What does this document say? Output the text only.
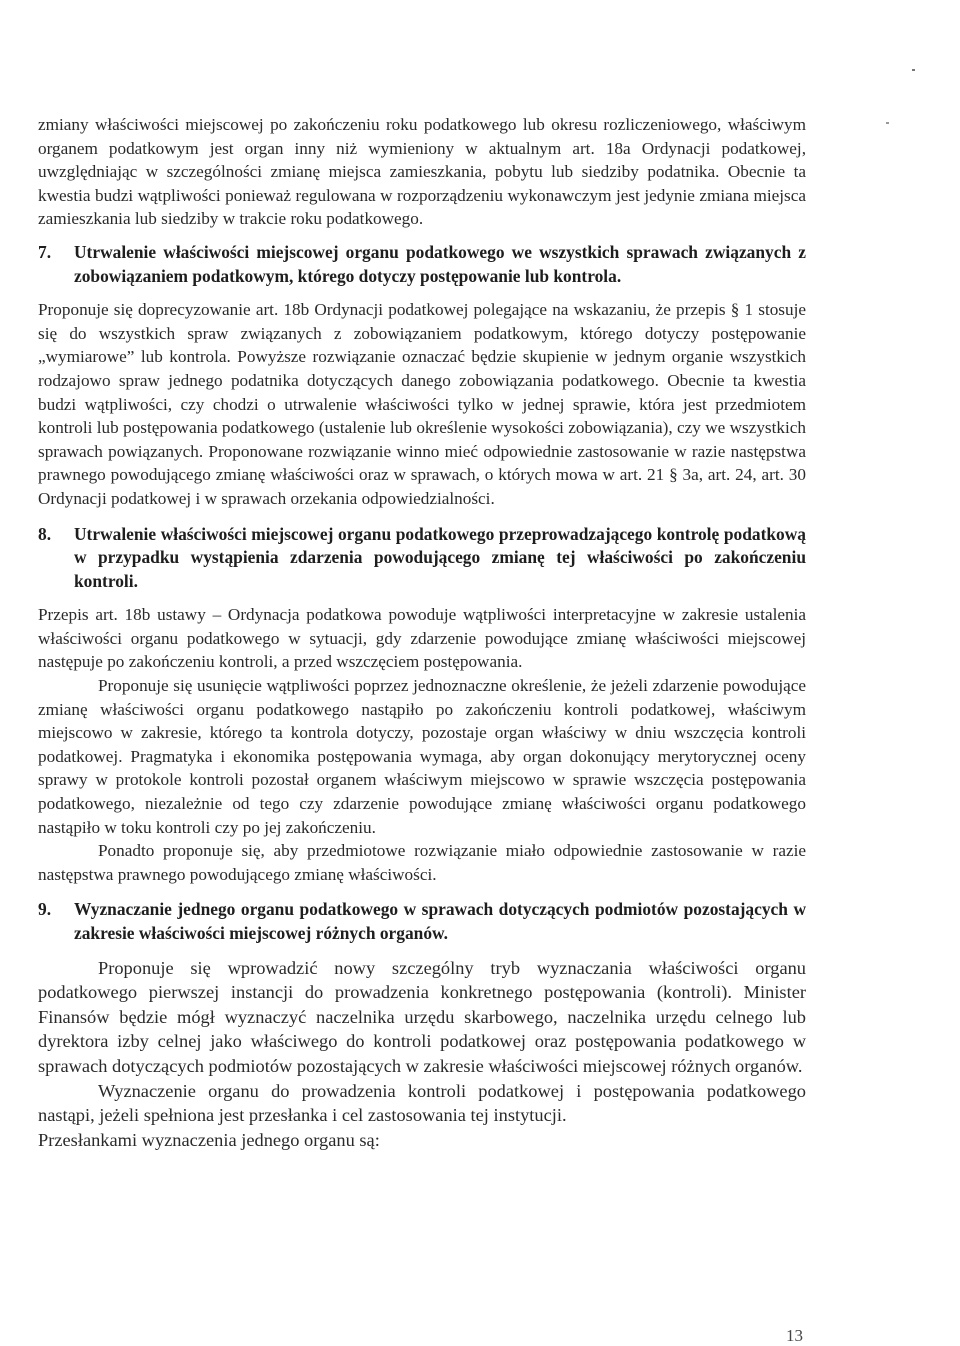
zmiany właściwości miejscowej po zakończeniu roku podatkowego lub okresu rozliczeniowego, właściwym organem podatkowym jest organ inny niż wymieniony w aktualnym art. 18a Ordynacji podatkowej, uwzględniając w szczególności zmianę miejsca zamieszkania, pobytu lub siedziby podatnika. Obecnie ta kwestia budzi wątpliwości ponieważ regulowana w rozporządzeniu wykonawczym jest jedynie zmiana miejsca zamieszkania lub siedziby w trakcie roku podatkowego.

7.	Utrwalenie właściwości miejscowej organu podatkowego we wszystkich sprawach związanych z zobowiązaniem podatkowym, którego dotyczy postępowanie lub kontrola.

Proponuje się doprecyzowanie art. 18b Ordynacji podatkowej polegające na wskazaniu, że przepis § 1 stosuje się do wszystkich spraw związanych z zobowiązaniem podatkowym, którego dotyczy postępowanie „wymiarowe” lub kontrola. Powyższe rozwiązanie oznaczać będzie skupienie w jednym organie wszystkich rodzajowo spraw jednego podatnika dotyczących danego zobowiązania podatkowego. Obecnie ta kwestia budzi wątpliwości, czy chodzi o utrwalenie właściwości tylko w jednej sprawie, która jest przedmiotem kontroli lub postępowania podatkowego (ustalenie lub określenie wysokości zobowiązania), czy we wszystkich sprawach powiązanych. Proponowane rozwiązanie winno mieć odpowiednie zastosowanie w razie następstwa prawnego powodującego zmianę właściwości oraz w sprawach, o których mowa w art. 21 § 3a, art. 24, art. 30 Ordynacji podatkowej i w sprawach orzekania odpowiedzialności.

8.	Utrwalenie właściwości miejscowej organu podatkowego przeprowadzającego kontrolę podatkową w przypadku wystąpienia zdarzenia powodującego zmianę tej właściwości po zakończeniu kontroli.

Przepis art. 18b ustawy – Ordynacja podatkowa powoduje wątpliwości interpretacyjne w zakresie ustalenia właściwości organu podatkowego w sytuacji, gdy zdarzenie powodujące zmianę właściwości miejscowej następuje po zakończeniu kontroli, a przed wszczęciem postępowania.

Proponuje się usunięcie wątpliwości poprzez jednoznaczne określenie, że jeżeli zdarzenie powodujące zmianę właściwości organu podatkowego nastąpiło po zakończeniu kontroli podatkowej, właściwym miejscowo w zakresie, którego ta kontrola dotyczy, pozostaje organ właściwy w dniu wszczęcia kontroli podatkowej. Pragmatyka i ekonomika postępowania wymaga, aby organ dokonujący merytorycznej oceny sprawy w protokole kontroli pozostał organem właściwym miejscowo w sprawie wszczęcia postępowania podatkowego, niezależnie od tego czy zdarzenie powodujące zmianę właściwości organu podatkowego nastąpiło w toku kontroli czy po jej zakończeniu.

Ponadto proponuje się, aby przedmiotowe rozwiązanie miało odpowiednie zastosowanie w razie następstwa prawnego powodującego zmianę właściwości.

9.	Wyznaczanie jednego organu podatkowego w sprawach dotyczących podmiotów pozostających w zakresie właściwości miejscowej różnych organów.

Proponuje się wprowadzić nowy szczególny tryb wyznaczania właściwości organu podatkowego pierwszej instancji do prowadzenia konkretnego postępowania (kontroli). Minister Finansów będzie mógł wyznaczyć naczelnika urzędu skarbowego, naczelnika urzędu celnego lub dyrektora izby celnej jako właściwego do kontroli podatkowej oraz postępowania podatkowego w sprawach dotyczących podmiotów pozostających w zakresie właściwości miejscowej różnych organów.

Wyznaczenie organu do prowadzenia kontroli podatkowej i postępowania podatkowego nastąpi, jeżeli spełniona jest przesłanka i cel zastosowania tej instytucji.

Przesłankami wyznaczenia jednego organu są:

13
